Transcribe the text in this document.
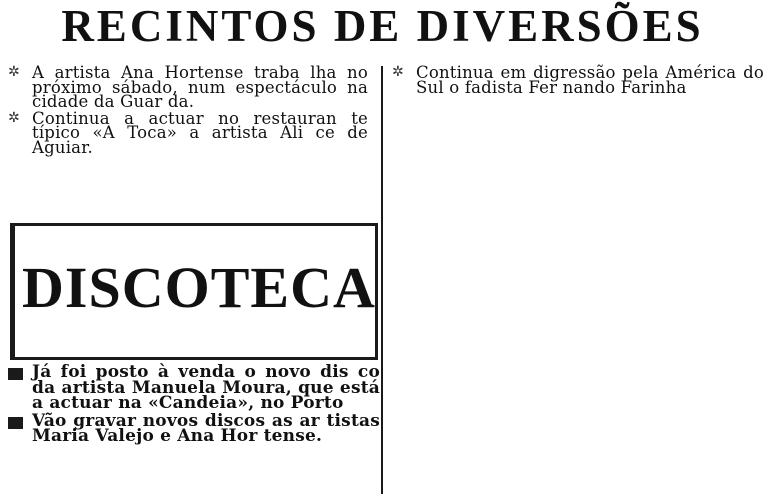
RECINTOS DE DIVERSÕES
✲ A artista Ana Hortense traba lha no próximo sábado, num espectáculo na cidade da Guar da.
✲ Continua a actuar no restauran te típico «A Toca» a artista Ali ce de Aguiar.
✲ Continua em digressão pela América do Sul o fadista Fer nando Farinha
DISCOTECA
Já foi posto à venda o novo dis co da artista Manuela Moura, que está a actuar na «Candeia», no Porto
Vão gravar novos discos as ar tistas Maria Valejo e Ana Hor tense.
